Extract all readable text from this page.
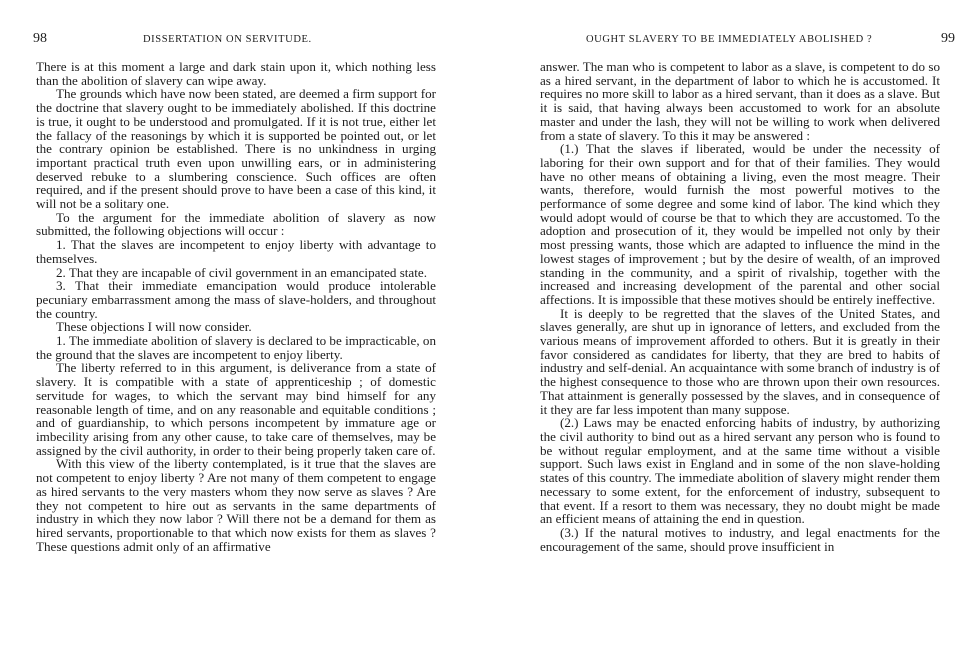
98	DISSERTATION ON SERVITUDE.

There is at this moment a large and dark stain upon it, which nothing less than the abolition of slavery can wipe away.

The grounds which have now been stated, are deemed a firm support for the doctrine that slavery ought to be immediately abolished. If this doctrine is true, it ought to be understood and promulgated. If it is not true, either let the fallacy of the reasonings by which it is supported be pointed out, or let the contrary opinion be established. There is no unkindness in urging important practical truth even upon unwilling ears, or in administering deserved rebuke to a slumbering conscience. Such offices are often required, and if the present should prove to have been a case of this kind, it will not be a solitary one.

To the argument for the immediate abolition of slavery as now submitted, the following objections will occur :

1. That the slaves are incompetent to enjoy liberty with advantage to themselves.

2. That they are incapable of civil government in an emancipated state.

3. That their immediate emancipation would produce intolerable pecuniary embarrassment among the mass of slave-holders, and throughout the country.

These objections I will now consider.

1. The immediate abolition of slavery is declared to be impracticable, on the ground that the slaves are incompetent to enjoy liberty.

The liberty referred to in this argument, is deliverance from a state of slavery. It is compatible with a state of apprenticeship ; of domestic servitude for wages, to which the servant may bind himself for any reasonable length of time, and on any reasonable and equitable conditions ; and of guardianship, to which persons incompetent by immature age or imbecility arising from any other cause, to take care of themselves, may be assigned by the civil authority, in order to their being properly taken care of.

With this view of the liberty contemplated, is it true that the slaves are not competent to enjoy liberty ? Are not many of them competent to engage as hired servants to the very masters whom they now serve as slaves ? Are they not competent to hire out as servants in the same departments of industry in which they now labor ? Will there not be a demand for them as hired servants, proportionable to that which now exists for them as slaves ? These questions admit only of an affirmative

OUGHT SLAVERY TO BE IMMEDIATELY ABOLISHED ?	99

answer. The man who is competent to labor as a slave, is competent to do so as a hired servant, in the department of labor to which he is accustomed. It requires no more skill to labor as a hired servant, than it does as a slave. But it is said, that having always been accustomed to work for an absolute master and under the lash, they will not be willing to work when delivered from a state of slavery. To this it may be answered :

(1.) That the slaves if liberated, would be under the necessity of laboring for their own support and for that of their families. They would have no other means of obtaining a living, even the most meagre. Their wants, therefore, would furnish the most powerful motives to the performance of some degree and some kind of labor. The kind which they would adopt would of course be that to which they are accustomed. To the adoption and prosecution of it, they would be impelled not only by their most pressing wants, those which are adapted to influence the mind in the lowest stages of improvement ; but by the desire of wealth, of an improved standing in the community, and a spirit of rivalship, together with the increased and increasing development of the parental and other social affections. It is impossible that these motives should be entirely ineffective.

It is deeply to be regretted that the slaves of the United States, and slaves generally, are shut up in ignorance of letters, and excluded from the various means of improvement afforded to others. But it is greatly in their favor considered as candidates for liberty, that they are bred to habits of industry and self-denial. An acquaintance with some branch of industry is of the highest consequence to those who are thrown upon their own resources. That attainment is generally possessed by the slaves, and in consequence of it they are far less impotent than many suppose.

(2.) Laws may be enacted enforcing habits of industry, by authorizing the civil authority to bind out as a hired servant any person who is found to be without regular employment, and at the same time without a visible support. Such laws exist in England and in some of the non slave-holding states of this country. The immediate abolition of slavery might render them necessary to some extent, for the enforcement of industry, subsequent to that event. If a resort to them was necessary, they no doubt might be made an efficient means of attaining the end in question.

(3.) If the natural motives to industry, and legal enactments for the encouragement of the same, should prove insufficient in
